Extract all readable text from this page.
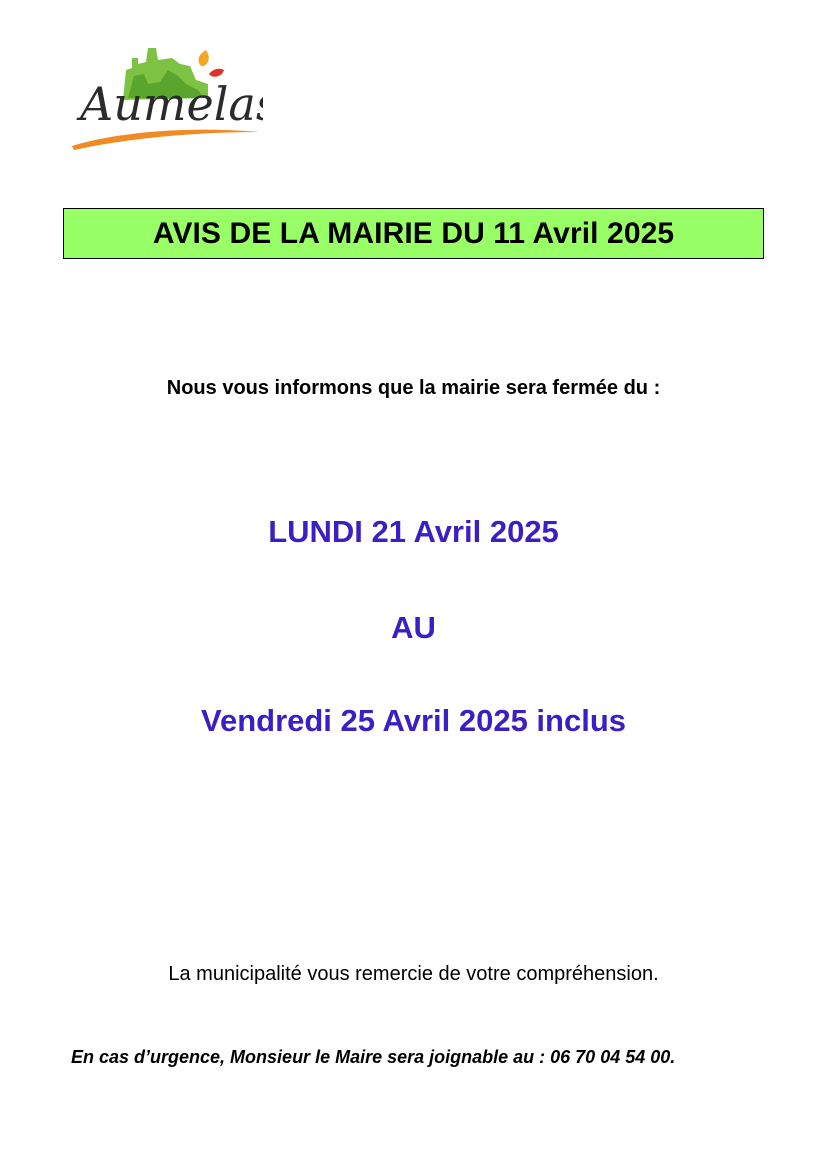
Aumelas
AVIS DE LA MAIRIE DU 11 Avril 2025
Nous vous informons que la mairie sera fermée du :
LUNDI 21 Avril 2025
AU
Vendredi 25 Avril 2025 inclus
La municipalité vous remercie de votre compréhension.
En cas d’urgence, Monsieur le Maire sera joignable au : 06 70 04 54 00.
